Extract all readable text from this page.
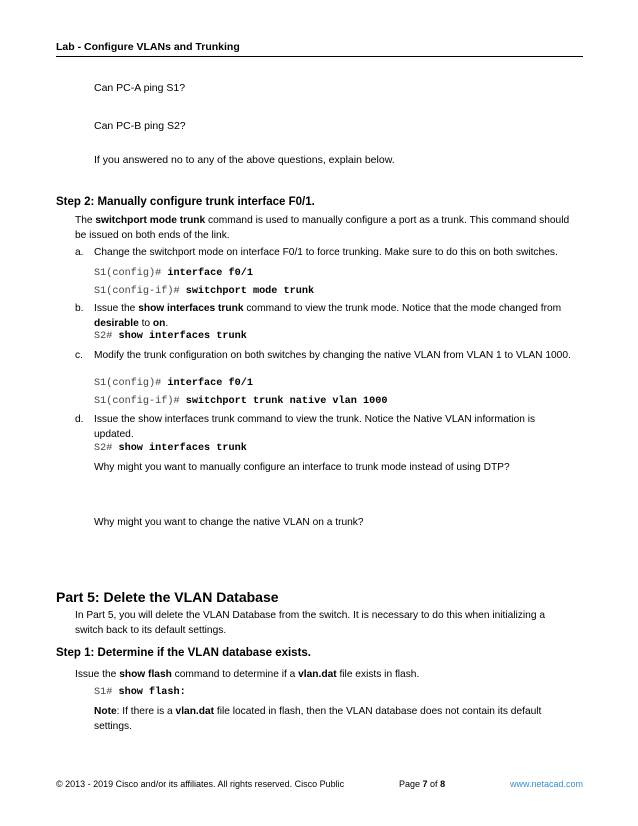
Lab - Configure VLANs and Trunking
Can PC-A ping S1?
Can PC-B ping S2?
If you answered no to any of the above questions, explain below.
Step 2: Manually configure trunk interface F0/1.
The switchport mode trunk command is used to manually configure a port as a trunk. This command should be issued on both ends of the link.
a. Change the switchport mode on interface F0/1 to force trunking. Make sure to do this on both switches.
S1(config)# interface f0/1
S1(config-if)# switchport mode trunk
b. Issue the show interfaces trunk command to view the trunk mode. Notice that the mode changed from desirable to on.
S2# show interfaces trunk
c. Modify the trunk configuration on both switches by changing the native VLAN from VLAN 1 to VLAN 1000.
S1(config)# interface f0/1
S1(config-if)# switchport trunk native vlan 1000
d. Issue the show interfaces trunk command to view the trunk. Notice the Native VLAN information is updated.
S2# show interfaces trunk
Why might you want to manually configure an interface to trunk mode instead of using DTP?
Why might you want to change the native VLAN on a trunk?
Part 5: Delete the VLAN Database
In Part 5, you will delete the VLAN Database from the switch. It is necessary to do this when initializing a switch back to its default settings.
Step 1: Determine if the VLAN database exists.
Issue the show flash command to determine if a vlan.dat file exists in flash.
S1# show flash:
Note: If there is a vlan.dat file located in flash, then the VLAN database does not contain its default settings.
© 2013 - 2019 Cisco and/or its affiliates. All rights reserved. Cisco Public	Page 7 of 8	www.netacad.com
